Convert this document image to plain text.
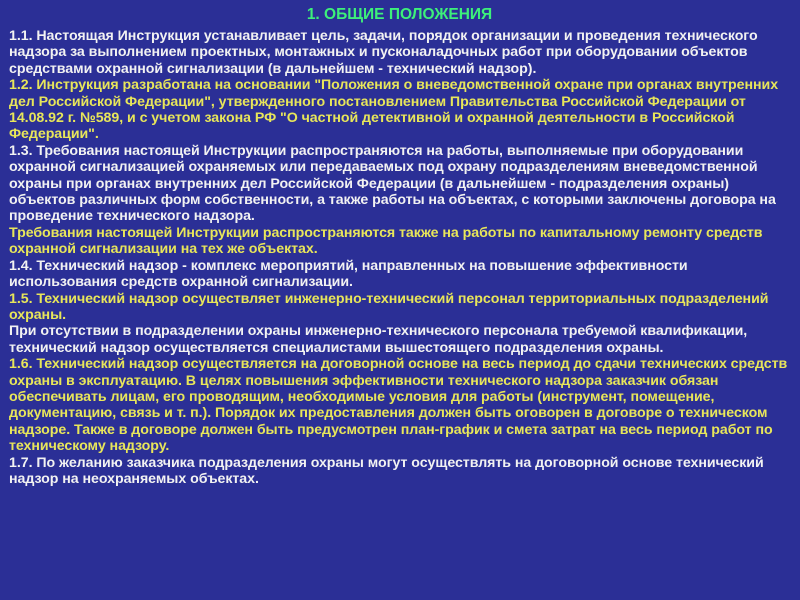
1. ОБЩИЕ ПОЛОЖЕНИЯ

1.1. Настоящая Инструкция устанавливает цель, задачи, порядок организации и проведения технического надзора за выполнением проектных, монтажных и пусконаладочных работ при оборудовании объектов средствами охранной сигнализации (в дальнейшем - технический надзор).

1.2. Инструкция разработана на основании "Положения о вневедомственной охране при органах внутренних дел Российской Федерации", утвержденного постановлением Правительства Российской Федерации от 14.08.92 г. №589, и с учетом закона РФ "О частной детективной и охранной деятельности в Российской Федерации".

1.3. Требования настоящей Инструкции распространяются на работы, выполняемые при оборудовании охранной сигнализацией охраняемых или передаваемых под охрану подразделениям вневедомственной охраны при органах внутренних дел Российской Федерации (в дальнейшем - подразделения охраны) объектов различных форм собственности, а также работы на объектах, с которыми заключены договора на проведение технического надзора.

Требования настоящей Инструкции распространяются также на работы по капитальному ремонту средств охранной сигнализации на тех же объектах.

1.4. Технический надзор - комплекс мероприятий, направленных на повышение эффективности использования средств охранной сигнализации.

1.5. Технический надзор осуществляет инженерно-технический персонал территориальных подразделений охраны.

При отсутствии в подразделении охраны инженерно-технического персонала требуемой квалификации, технический надзор осуществляется специалистами вышестоящего подразделения охраны.

1.6. Технический надзор осуществляется на договорной основе на весь период до сдачи технических средств охраны в эксплуатацию. В целях повышения эффективности технического надзора заказчик обязан обеспечивать лицам, его проводящим, необходимые условия для работы (инструмент, помещение, документацию, связь и т. п.). Порядок их предоставления должен быть оговорен в договоре о техническом надзоре. Также в договоре должен быть предусмотрен план-график и смета затрат на весь период работ по техническому надзору.

1.7. По желанию заказчика подразделения охраны могут осуществлять на договорной основе технический надзор на неохраняемых объектах.
